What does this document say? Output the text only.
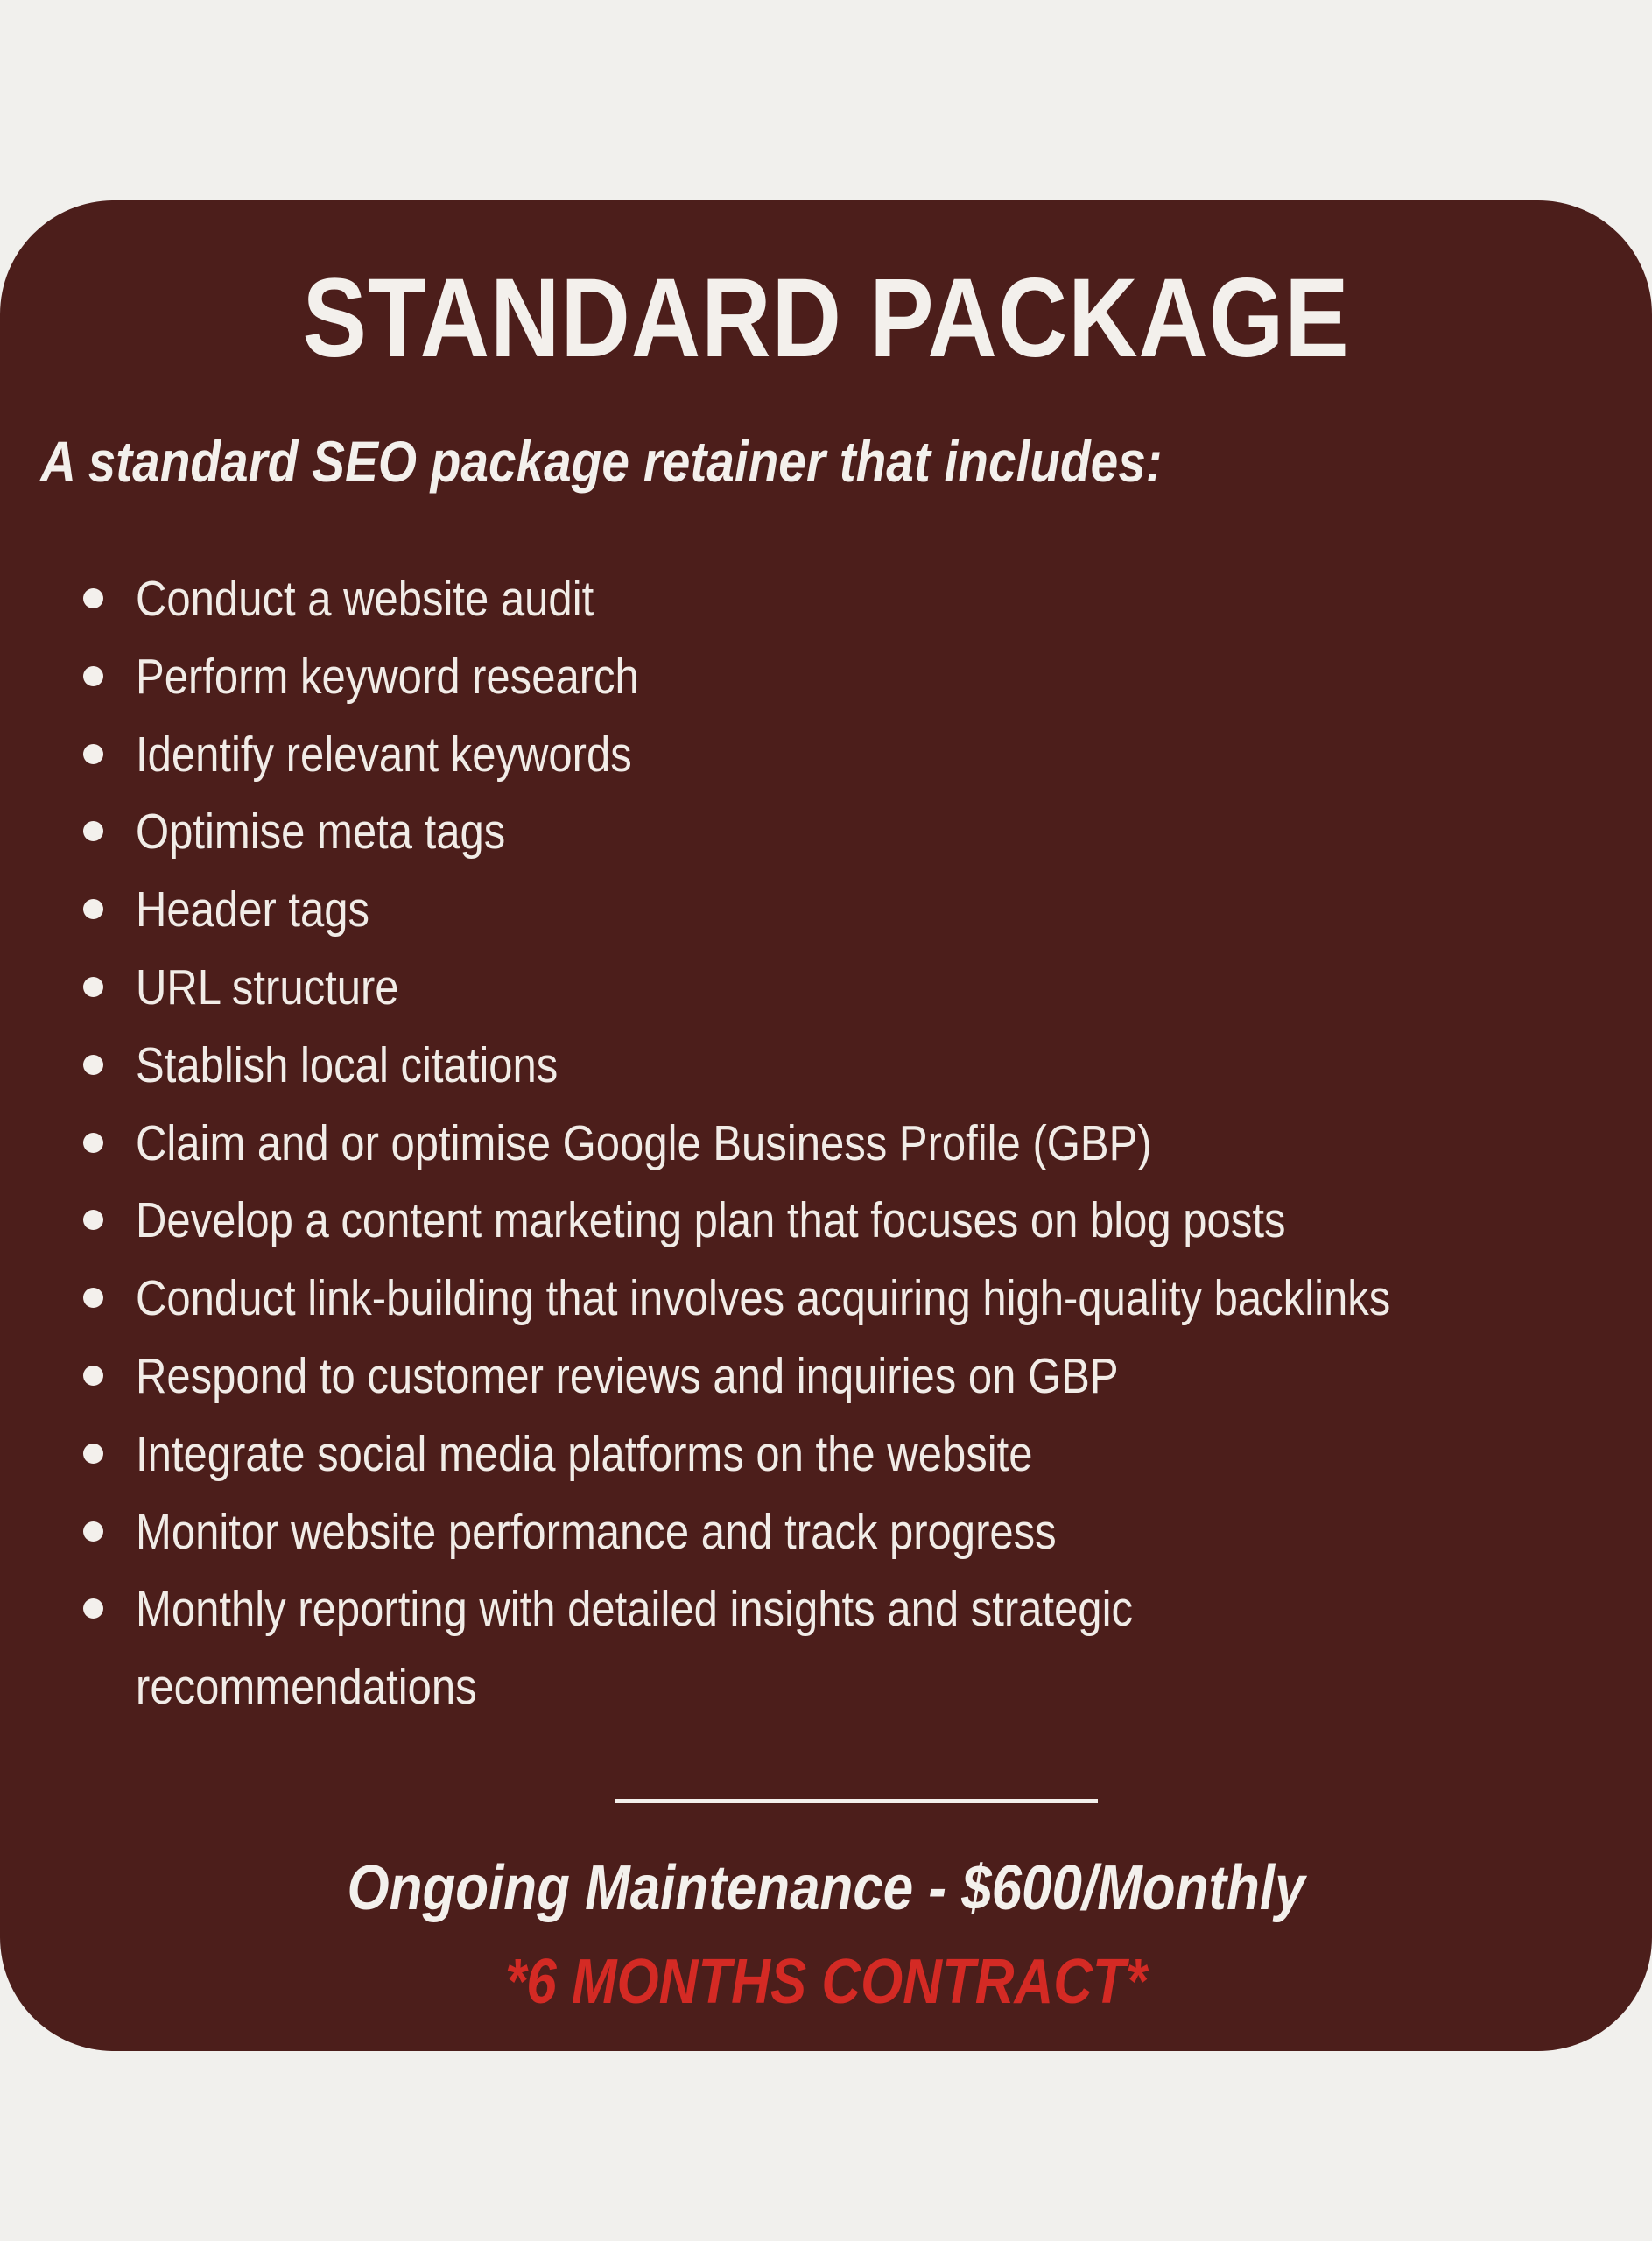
STANDARD PACKAGE

A standard SEO package retainer that includes:

Conduct a website audit
Perform keyword research
Identify relevant keywords
Optimise meta tags
Header tags
URL structure
Stablish local citations
Claim and or optimise Google Business Profile (GBP)
Develop a content marketing plan that focuses on blog posts
Conduct link-building that involves acquiring high-quality backlinks
Respond to customer reviews and inquiries on GBP
Integrate social media platforms on the website
Monitor website performance and track progress
Monthly reporting with detailed insights and strategic recommendations

Ongoing Maintenance - $600/Monthly

*6 MONTHS CONTRACT*
